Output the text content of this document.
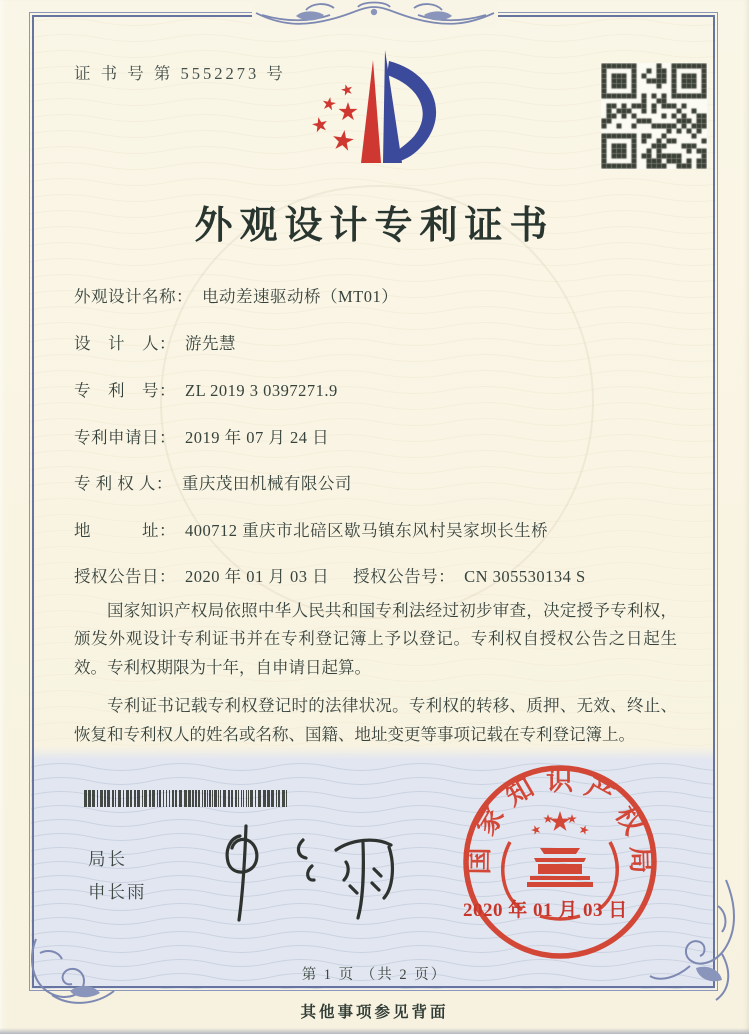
证 书 号 第 5552273 号
外观设计专利证书
外观设计名称： 电动差速驱动桥（MT01）
设　计　人： 游先慧
专　利　号： ZL 2019 3 0397271.9
专利申请日： 2019 年 07 月 24 日
专 利 权 人： 重庆茂田机械有限公司
地　　　址： 400712 重庆市北碚区歇马镇东风村吴家坝长生桥
授权公告日： 2020 年 01 月 03 日 授权公告号： CN 305530134 S

国家知识产权局依照中华人民共和国专利法经过初步审查，决定授予专利权，颁发外观设计专利证书并在专利登记簿上予以登记。专利权自授权公告之日起生效。专利权期限为十年，自申请日起算。

专利证书记载专利权登记时的法律状况。专利权的转移、质押、无效、终止、恢复和专利权人的姓名或名称、国籍、地址变更等事项记载在专利登记簿上。

局长
申长雨
国家知识产权局
2020 年 01 月 03 日
第 1 页 （共 2 页）
其他事项参见背面
